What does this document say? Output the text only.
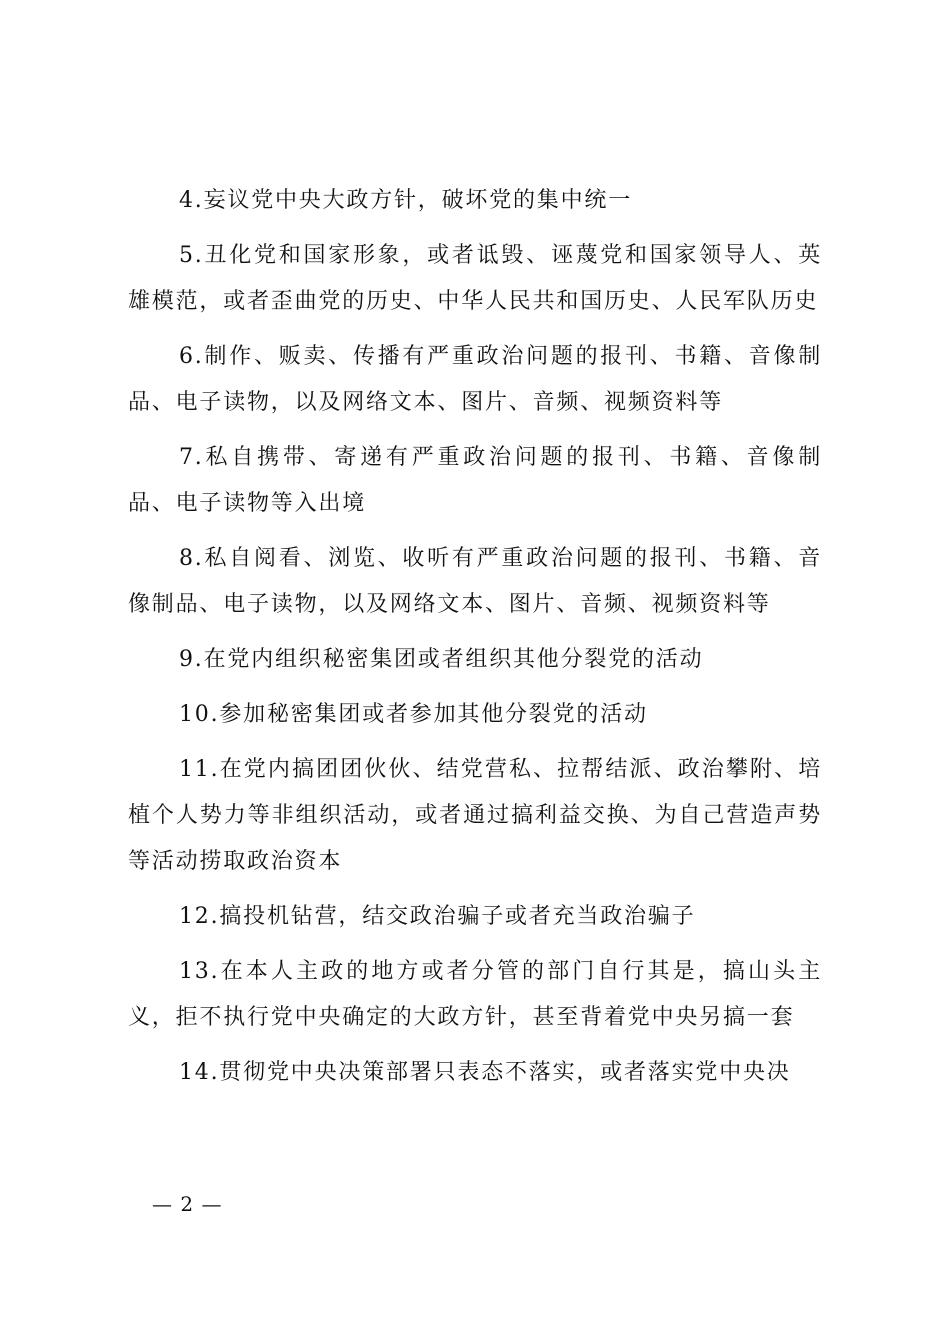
4.妄议党中央大政方针，破坏党的集中统一

5.丑化党和国家形象，或者诋毁、诬蔑党和国家领导人、英雄模范，或者歪曲党的历史、中华人民共和国历史、人民军队历史

6.制作、贩卖、传播有严重政治问题的报刊、书籍、音像制品、电子读物，以及网络文本、图片、音频、视频资料等

7.私自携带、寄递有严重政治问题的报刊、书籍、音像制品、电子读物等入出境

8.私自阅看、浏览、收听有严重政治问题的报刊、书籍、音像制品、电子读物，以及网络文本、图片、音频、视频资料等

9.在党内组织秘密集团或者组织其他分裂党的活动

10.参加秘密集团或者参加其他分裂党的活动

11.在党内搞团团伙伙、结党营私、拉帮结派、政治攀附、培植个人势力等非组织活动，或者通过搞利益交换、为自己营造声势等活动捞取政治资本

12.搞投机钻营，结交政治骗子或者充当政治骗子

13.在本人主政的地方或者分管的部门自行其是，搞山头主义，拒不执行党中央确定的大政方针，甚至背着党中央另搞一套

14.贯彻党中央决策部署只表态不落实，或者落实党中央决

— 2 —
